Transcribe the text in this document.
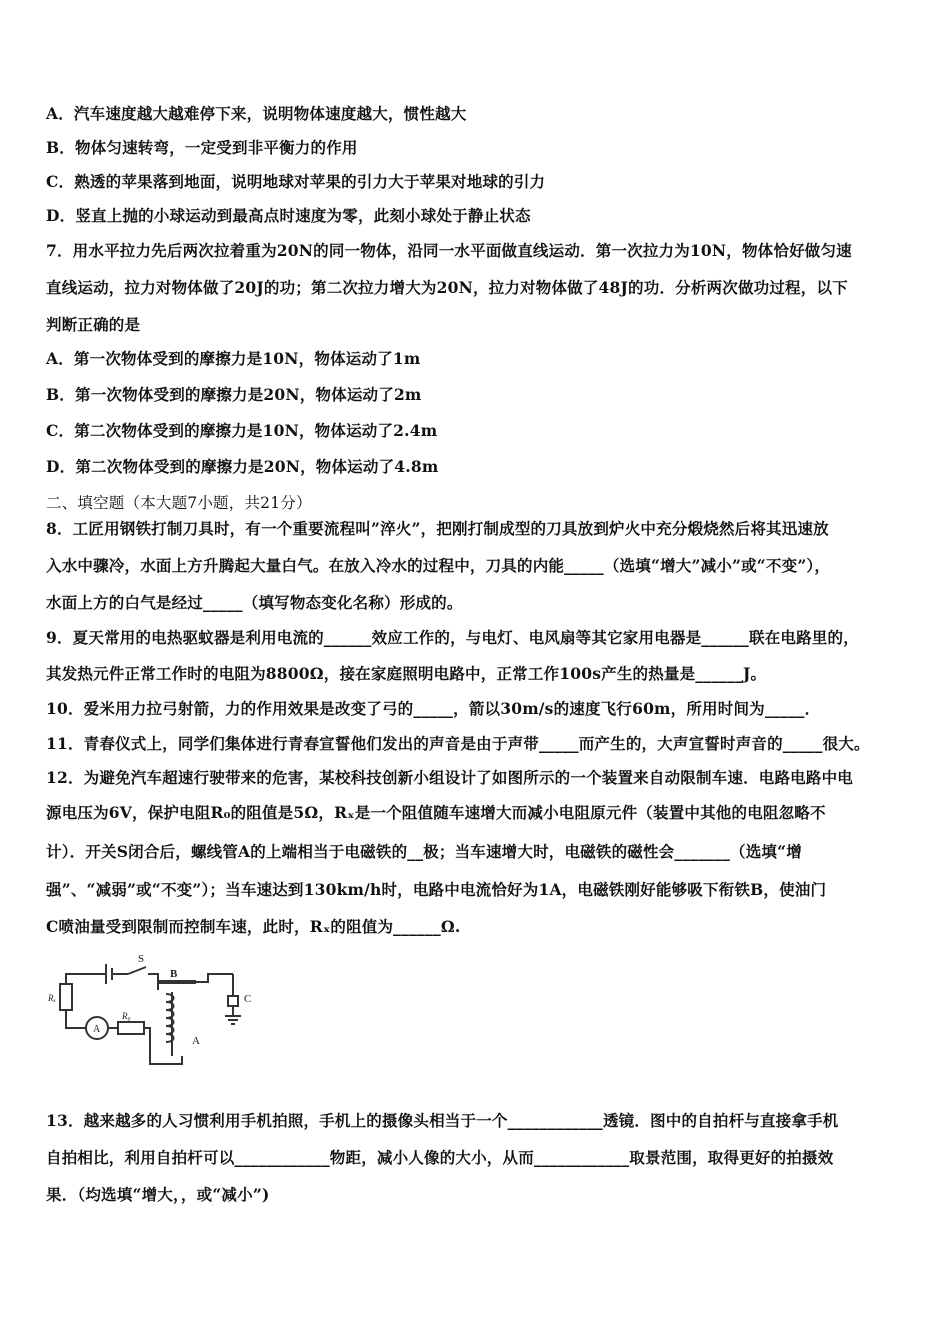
A．汽车速度越大越难停下来，说明物体速度越大，惯性越大
B．物体匀速转弯，一定受到非平衡力的作用
C．熟透的苹果落到地面，说明地球对苹果的引力大于苹果对地球的引力
D．竖直上抛的小球运动到最高点时速度为零，此刻小球处于静止状态
7．用水平拉力先后两次拉着重为20N的同一物体，沿同一水平面做直线运动．第一次拉力为10N，物体恰好做匀速
直线运动，拉力对物体做了20J的功；第二次拉力增大为20N，拉力对物体做了48J的功．分析两次做功过程，以下
判断正确的是
A．第一次物体受到的摩擦力是10N，物体运动了1m
B．第一次物体受到的摩擦力是20N，物体运动了2m
C．第二次物体受到的摩擦力是10N，物体运动了2.4m
D．第二次物体受到的摩擦力是20N，物体运动了4.8m
二、填空题（本大题7小题，共21分）
8．工匠用钢铁打制刀具时，有一个重要流程叫”淬火”，把刚打制成型的刀具放到炉火中充分煅烧然后将其迅速放
入水中骤冷，水面上方升腾起大量白气。在放入冷水的过程中，刀具的内能_____（选填“增大”减小”或“不变”），
水面上方的白气是经过_____（填写物态变化名称）形成的。
9．夏天常用的电热驱蚊器是利用电流的______效应工作的，与电灯、电风扇等其它家用电器是______联在电路里的，
其发热元件正常工作时的电阻为8800Ω，接在家庭照明电路中，正常工作100s产生的热量是______J。
10．爱米用力拉弓射箭，力的作用效果是改变了弓的_____，箭以30m/s的速度飞行60m，所用时间为_____．
11．青春仪式上，同学们集体进行青春宣誓他们发出的声音是由于声带_____而产生的，大声宣誓时声音的_____很大。
12．为避免汽车超速行驶带来的危害，某校科技创新小组设计了如图所示的一个装置来自动限制车速．电路电路中电
源电压为6V，保护电阻R₀的阻值是5Ω，Rₓ是一个阻值随车速增大而减小电阻原元件（装置中其他的电阻忽略不
计）．开关S闭合后，螺线管A的上端相当于电磁铁的__极；当车速增大时，电磁铁的磁性会_______（选填“增
强”、“减弱”或“不变”）；当车速达到130km/h时，电路中电流恰好为1A，电磁铁刚好能够吸下衔铁B，使油门
C喷油量受到限制而控制车速，此时，Rₓ的阻值为______Ω.
S
B
Rₓ
A
R₀
A
C
13．越来越多的人习惯利用手机拍照，手机上的摄像头相当于一个____________透镜．图中的自拍杆与直接拿手机
自拍相比，利用自拍杆可以____________物距，减小人像的大小，从而____________取景范围，取得更好的拍摄效
果．（均选填“增大，，或“减小”)
